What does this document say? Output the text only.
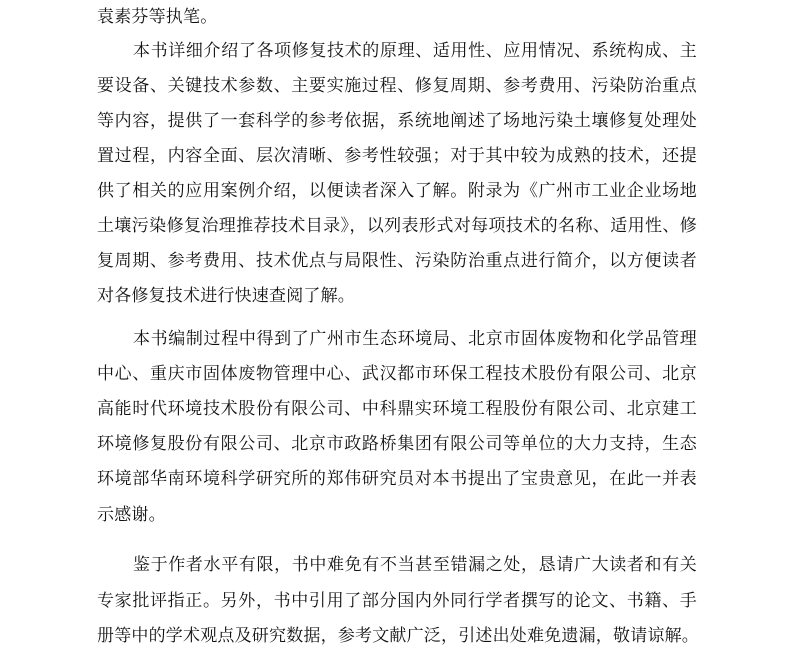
袁素芬等执笔。
本书详细介绍了各项修复技术的原理、适用性、应用情况、系统构成、主
要设备、关键技术参数、主要实施过程、修复周期、参考费用、污染防治重点
等内容，提供了一套科学的参考依据，系统地阐述了场地污染土壤修复处理处
置过程，内容全面、层次清晰、参考性较强；对于其中较为成熟的技术，还提
供了相关的应用案例介绍，以便读者深入了解。附录为《广州市工业企业场地
土壤污染修复治理推荐技术目录》，以列表形式对每项技术的名称、适用性、修
复周期、参考费用、技术优点与局限性、污染防治重点进行简介，以方便读者
对各修复技术进行快速查阅了解。
本书编制过程中得到了广州市生态环境局、北京市固体废物和化学品管理
中心、重庆市固体废物管理中心、武汉都市环保工程技术股份有限公司、北京
高能时代环境技术股份有限公司、中科鼎实环境工程股份有限公司、北京建工
环境修复股份有限公司、北京市政路桥集团有限公司等单位的大力支持，生态
环境部华南环境科学研究所的郑伟研究员对本书提出了宝贵意见，在此一并表
示感谢。
鉴于作者水平有限，书中难免有不当甚至错漏之处，恳请广大读者和有关
专家批评指正。另外，书中引用了部分国内外同行学者撰写的论文、书籍、手
册等中的学术观点及研究数据，参考文献广泛，引述出处难免遗漏，敬请谅解。
